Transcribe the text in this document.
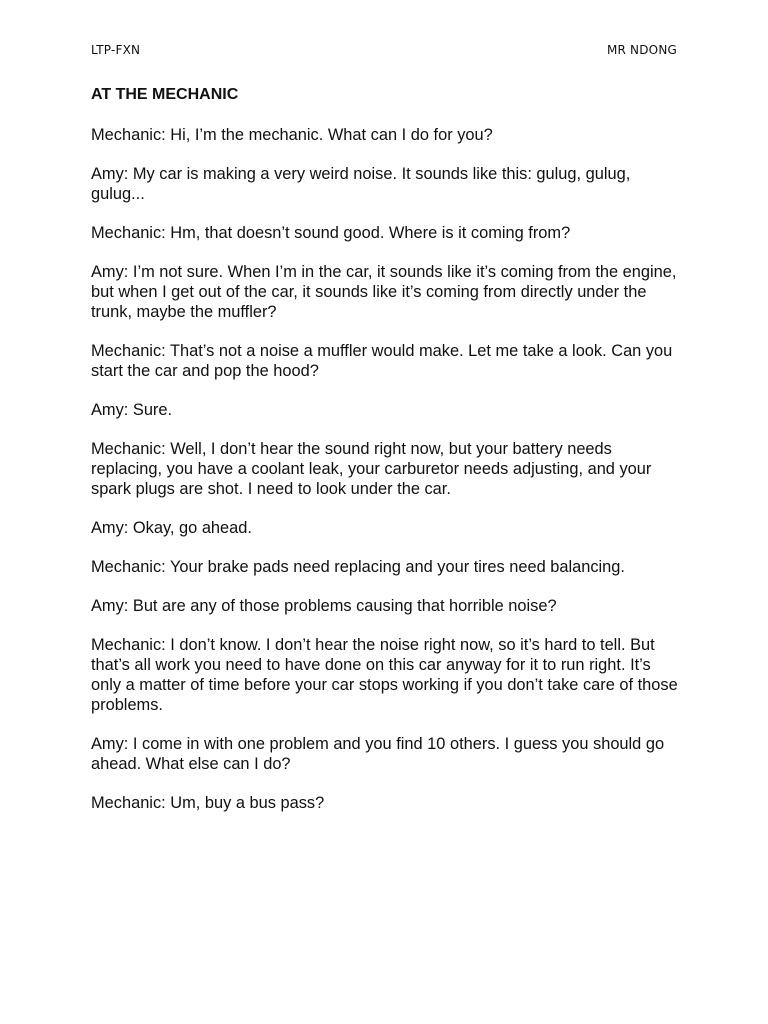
LTP-FXN	MR NDONG
AT THE MECHANIC

Mechanic: Hi, I’m the mechanic. What can I do for you?

Amy: My car is making a very weird noise. It sounds like this: gulug, gulug, gulug...

Mechanic: Hm, that doesn’t sound good. Where is it coming from?

Amy: I’m not sure. When I’m in the car, it sounds like it’s coming from the engine, but when I get out of the car, it sounds like it’s coming from directly under the trunk, maybe the muffler?

Mechanic: That’s not a noise a muffler would make. Let me take a look. Can you start the car and pop the hood?

Amy: Sure.

Mechanic: Well, I don’t hear the sound right now, but your battery needs replacing, you have a coolant leak, your carburetor needs adjusting, and your spark plugs are shot. I need to look under the car.

Amy: Okay, go ahead.

Mechanic: Your brake pads need replacing and your tires need balancing.

Amy: But are any of those problems causing that horrible noise?

Mechanic: I don’t know. I don’t hear the noise right now, so it’s hard to tell. But that’s all work you need to have done on this car anyway for it to run right. It’s only a matter of time before your car stops working if you don’t take care of those problems.

Amy: I come in with one problem and you find 10 others. I guess you should go ahead. What else can I do?

Mechanic: Um, buy a bus pass?
